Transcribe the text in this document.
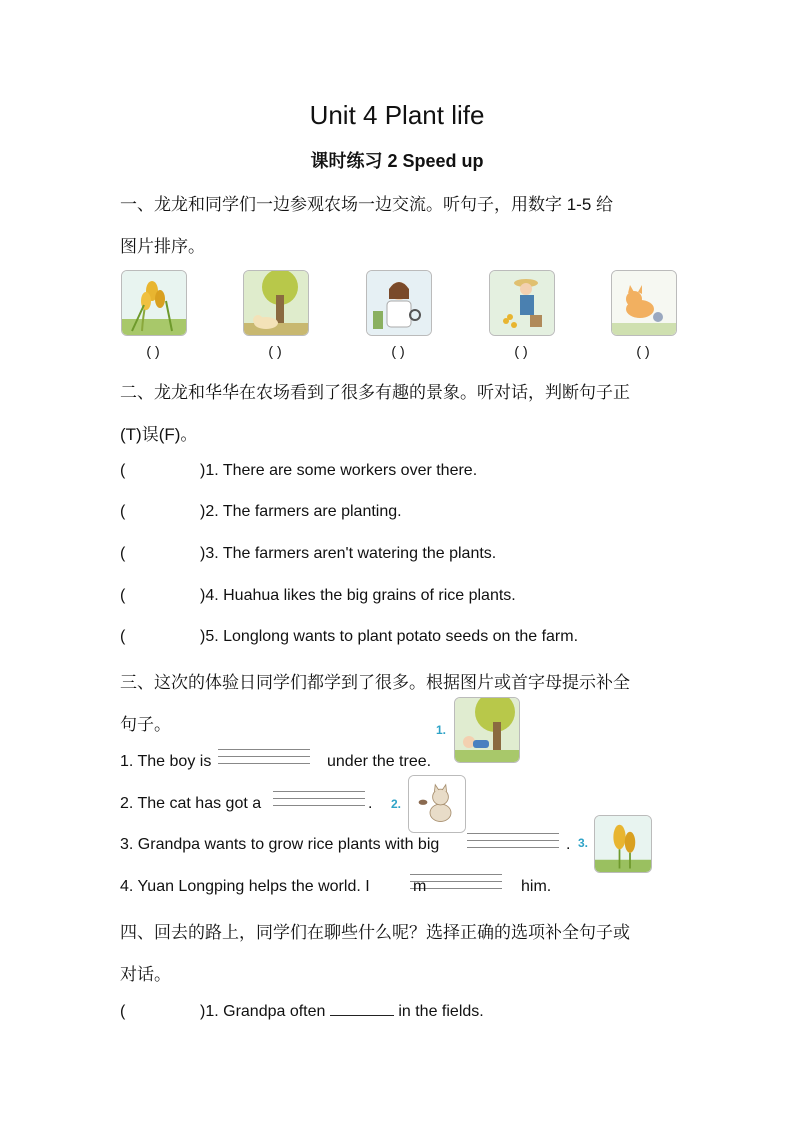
Unit 4 Plant life
课时练习 2 Speed up
一、龙龙和同学们一边参观农场一边交流。听句子，用数字 1-5 给
图片排序。
( )	( )	( )	( )	( )
二、龙龙和华华在农场看到了很多有趣的景象。听对话，判断句子正
(T)误(F)。
(	)1. There are some workers over there.
(	)2. The farmers are planting.
(	)3. The farmers aren't watering the plants.
(	)4. Huahua likes the big grains of rice plants.
(	)5. Longlong wants to plant potato seeds on the farm.
三、这次的体验日同学们都学到了很多。根据图片或首字母提示补全
句子。	1.
1. The boy is	under the tree.
2.
2. The cat has got a	.
3. Grandpa wants to grow rice plants with big	. 3.
4. Yuan Longping helps the world. I	m	him.
四、回去的路上，同学们在聊些什么呢？选择正确的选项补全句子或
对话。
(	)1. Grandpa often	in the fields.
